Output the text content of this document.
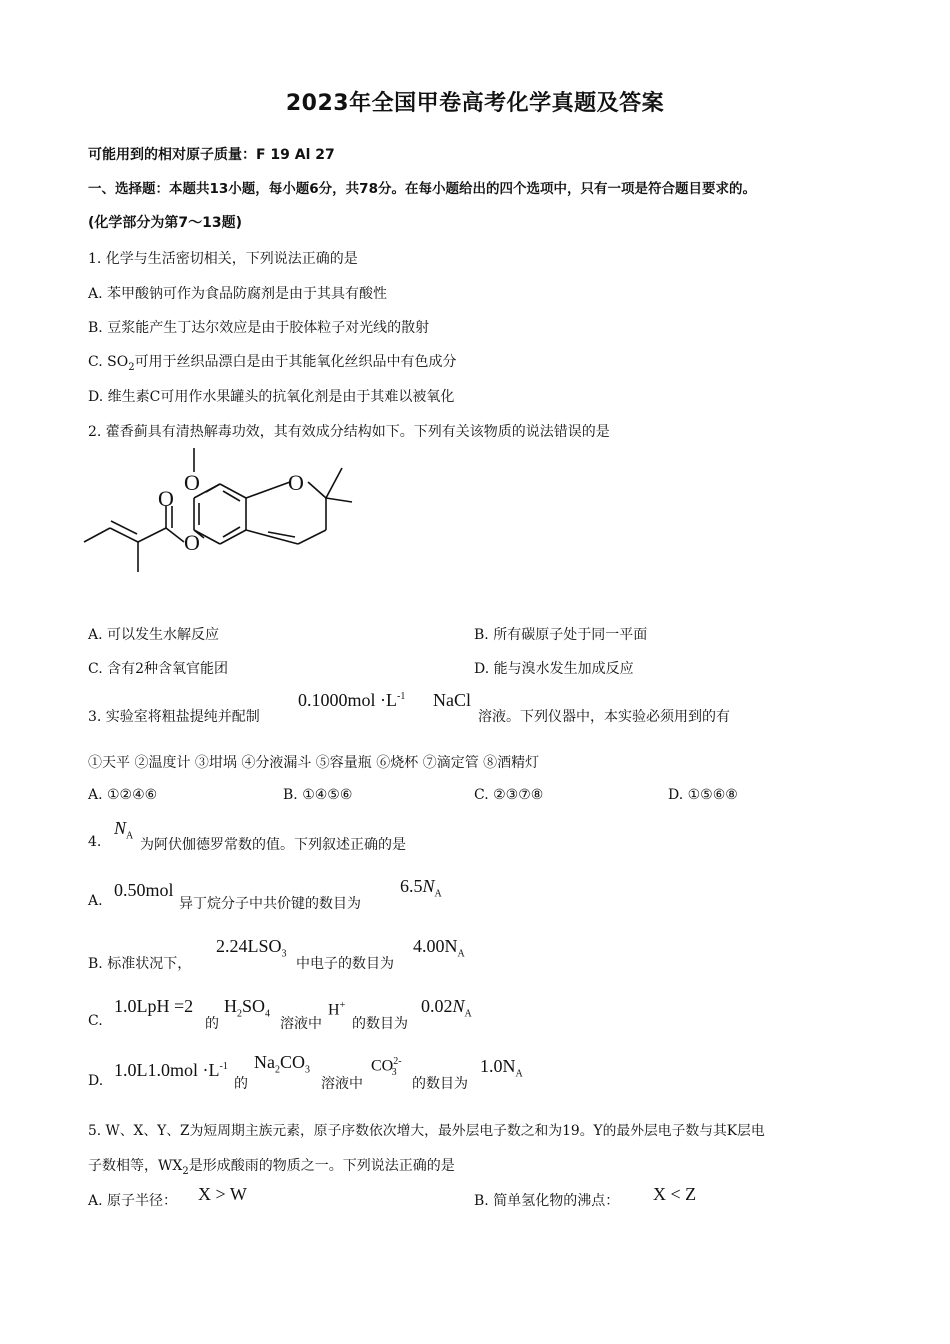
2023年全国甲卷高考化学真题及答案
可能用到的相对原子质量：F 19 Al 27
一、选择题：本题共13小题，每小题6分，共78分。在每小题给出的四个选项中，只有一项是符合题目要求的。
(化学部分为第7～13题)
1. 化学与生活密切相关，下列说法正确的是
A. 苯甲酸钠可作为食品防腐剂是由于其具有酸性
B. 豆浆能产生丁达尔效应是由于胶体粒子对光线的散射
C. $SO_2$可用于丝织品漂白是由于其能氧化丝织品中有色成分
D. 维生素C可用作水果罐头的抗氧化剂是由于其难以被氧化
2. 藿香蓟具有清热解毒功效，其有效成分结构如下。下列有关该物质的说法错误的是
O	O
O
O
A. 可以发生水解反应	B. 所有碳原子处于同一平面
C. 含有2种含氧官能团	D. 能与溴水发生加成反应
3. 实验室将粗盐提纯并配制
$0.1000mol \cdot L^{-1}$ NaCl
溶液。下列仪器中，本实验必须用到的有
①天平 ②温度计 ③坩埚 ④分液漏斗 ⑤容量瓶 ⑥烧杯 ⑦滴定管 ⑧酒精灯
A. ①②④⑥	B. ①④⑤⑥	C. ②③⑦⑧	D. ①⑤⑥⑧
4.
$N_A$
为阿伏伽德罗常数的值。下列叙述正确的是
A.
0.50mol
异丁烷分子中共价键的数目为
$6.5N_A$
B. 标准状况下，
$2.24LSO_3$
中电子的数目为
$4.00N_A$
C.
1.0LpH =2
的
$H_2SO_4$
溶液中
H+
的数目为
$0.02N_A$
D.
$1.0L1.0mol \cdot L^{-1}$
的
$Na_2CO_3$
溶液中
$CO^{2-}_3$
的数目为
$1.0N_A$
5. W、X、Y、Z为短周期主族元素，原子序数依次增大，最外层电子数之和为19。Y的最外层电子数与其K层电
子数相等，$WX_2$是形成酸雨的物质之一。下列说法正确的是
A. 原子半径： X > W	B. 简单氢化物的沸点： X < Z
